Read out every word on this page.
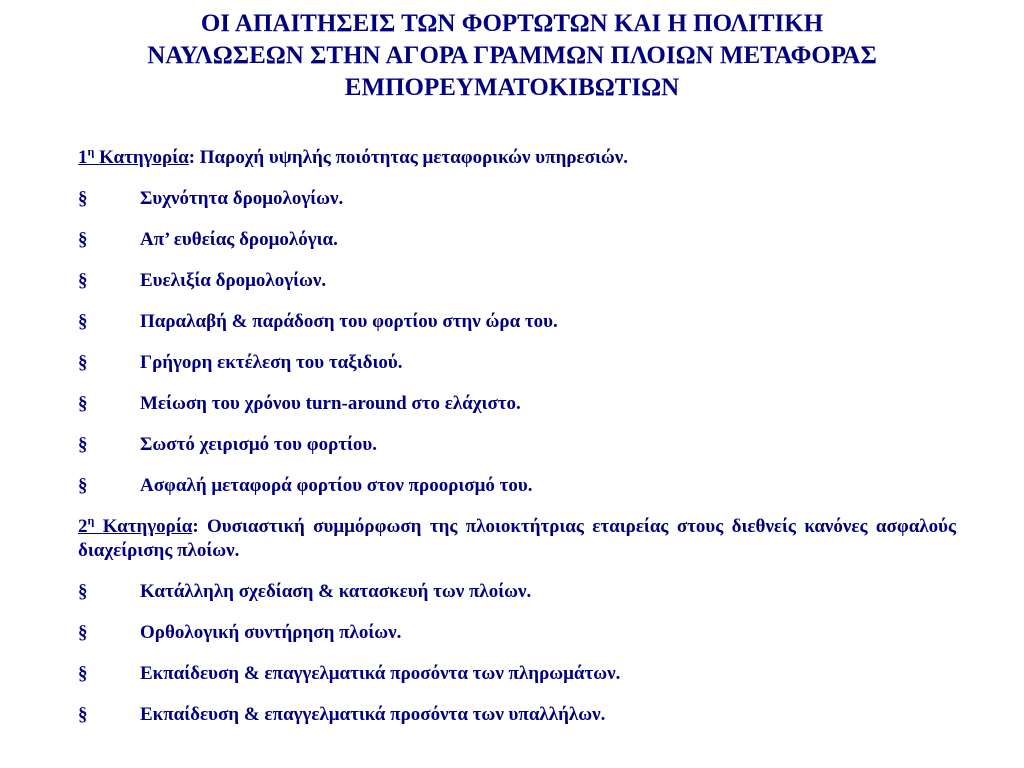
ΟΙ ΑΠΑΙΤΗΣΕΙΣ ΤΩΝ ΦΟΡΤΩΤΩΝ ΚΑΙ Η ΠΟΛΙΤΙΚΗ
ΝΑΥΛΩΣΕΩΝ ΣΤΗΝ ΑΓΟΡΑ ΓΡΑΜΜΩΝ ΠΛΟΙΩΝ ΜΕΤΑΦΟΡΑΣ
ΕΜΠΟΡΕΥΜΑΤΟΚΙΒΩΤΙΩΝ

$1^\eta$ Κατηγορία: Παροχή υψηλής ποιότητας μεταφορικών υπηρεσιών.

§	Συχνότητα δρομολογίων.
§	Απ’ ευθείας δρομολόγια.
§	Ευελιξία δρομολογίων.
§	Παραλαβή & παράδοση του φορτίου στην ώρα του.
§	Γρήγορη εκτέλεση του ταξιδιού.
§	Μείωση του χρόνου turn-around στο ελάχιστο.
§	Σωστό χειρισμό του φορτίου.
§	Ασφαλή μεταφορά φορτίου στον προορισμό του.

$2^\eta$ Κατηγορία: Ουσιαστική συμμόρφωση της πλοιοκτήτριας εταιρείας στους διεθνείς κανόνες ασφαλούς διαχείρισης πλοίων.

§	Κατάλληλη σχεδίαση & κατασκευή των πλοίων.
§	Ορθολογική συντήρηση πλοίων.
§	Εκπαίδευση & επαγγελματικά προσόντα των πληρωμάτων.
§	Εκπαίδευση & επαγγελματικά προσόντα των υπαλλήλων.
